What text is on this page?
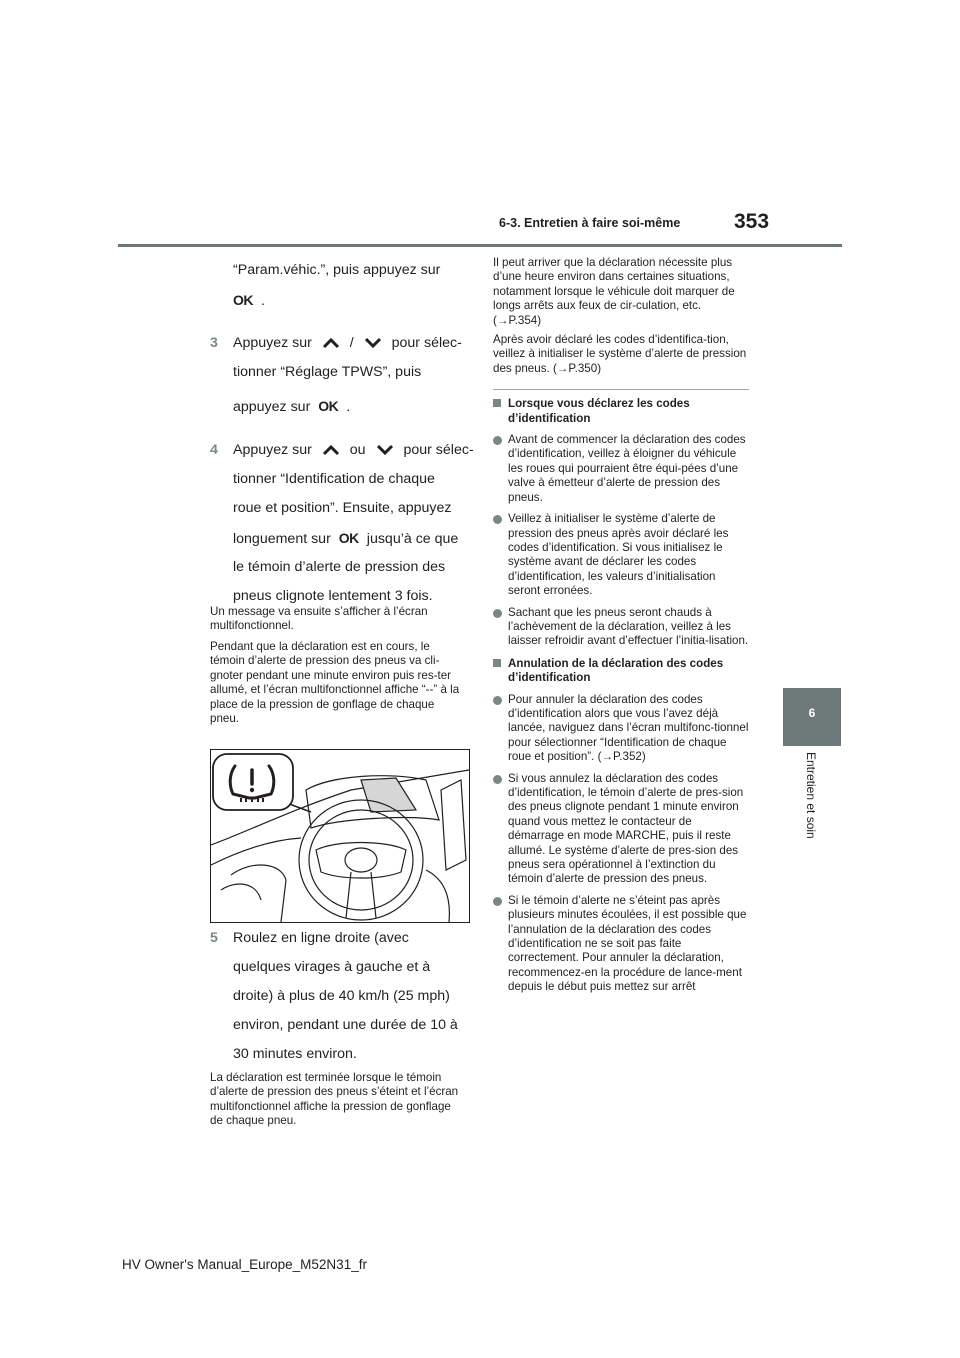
6-3. Entretien à faire soi-même	353
6
Entretien et soin
“Param.véhic.”, puis appuyez sur
OK .
3 Appuyez sur	/	pour sélec-
tionner “Réglage TPWS”, puis
appuyez sur OK .
4 Appuyez sur	ou	pour sélec-
tionner “Identification de chaque
roue et position”. Ensuite, appuyez
longuement sur OK jusqu’à ce que
le témoin d’alerte de pression des
pneus clignote lentement 3 fois.
Un message va ensuite s’afficher à l’écran multifonctionnel.
Pendant que la déclaration est en cours, le témoin d’alerte de pression des pneus va cli-gnoter pendant une minute environ puis res-ter allumé, et l’écran multifonctionnel affiche “--” à la place de la pression de gonflage de chaque pneu.
5 Roulez en ligne droite (avec
quelques virages à gauche et à
droite) à plus de 40 km/h (25 mph)
environ, pendant une durée de 10 à
30 minutes environ.
La déclaration est terminée lorsque le témoin d’alerte de pression des pneus s’éteint et l’écran multifonctionnel affiche la pression de gonflage de chaque pneu.

Il peut arriver que la déclaration nécessite plus d’une heure environ dans certaines situations, notamment lorsque le véhicule doit marquer de longs arrêts aux feux de cir-culation, etc. (→P.354)

Après avoir déclaré les codes d’identifica-tion, veillez à initialiser le système d’alerte de pression des pneus. (→P.350)

Lorsque vous déclarez les codes d’identification
Avant de commencer la déclaration des codes d’identification, veillez à éloigner du véhicule les roues qui pourraient être équi-pées d’une valve à émetteur d’alerte de pression des pneus.
Veillez à initialiser le système d’alerte de pression des pneus après avoir déclaré les codes d’identification. Si vous initialisez le système avant de déclarer les codes d’identification, les valeurs d’initialisation seront erronées.
Sachant que les pneus seront chauds à l’achèvement de la déclaration, veillez à les laisser refroidir avant d’effectuer l’initia-lisation.
Annulation de la déclaration des codes d’identification
Pour annuler la déclaration des codes d’identification alors que vous l’avez déjà lancée, naviguez dans l’écran multifonc-tionnel pour sélectionner “Identification de chaque roue et position”. (→P.352)
Si vous annulez la déclaration des codes d’identification, le témoin d’alerte de pres-sion des pneus clignote pendant 1 minute environ quand vous mettez le contacteur de démarrage en mode MARCHE, puis il reste allumé. Le système d’alerte de pres-sion des pneus sera opérationnel à l’extinction du témoin d’alerte de pression des pneus.
Si le témoin d’alerte ne s’éteint pas après plusieurs minutes écoulées, il est possible que l’annulation de la déclaration des codes d’identification ne se soit pas faite correctement. Pour annuler la déclaration, recommencez-en la procédure de lance-ment depuis le début puis mettez sur arrêt
HV Owner's Manual_Europe_M52N31_fr
